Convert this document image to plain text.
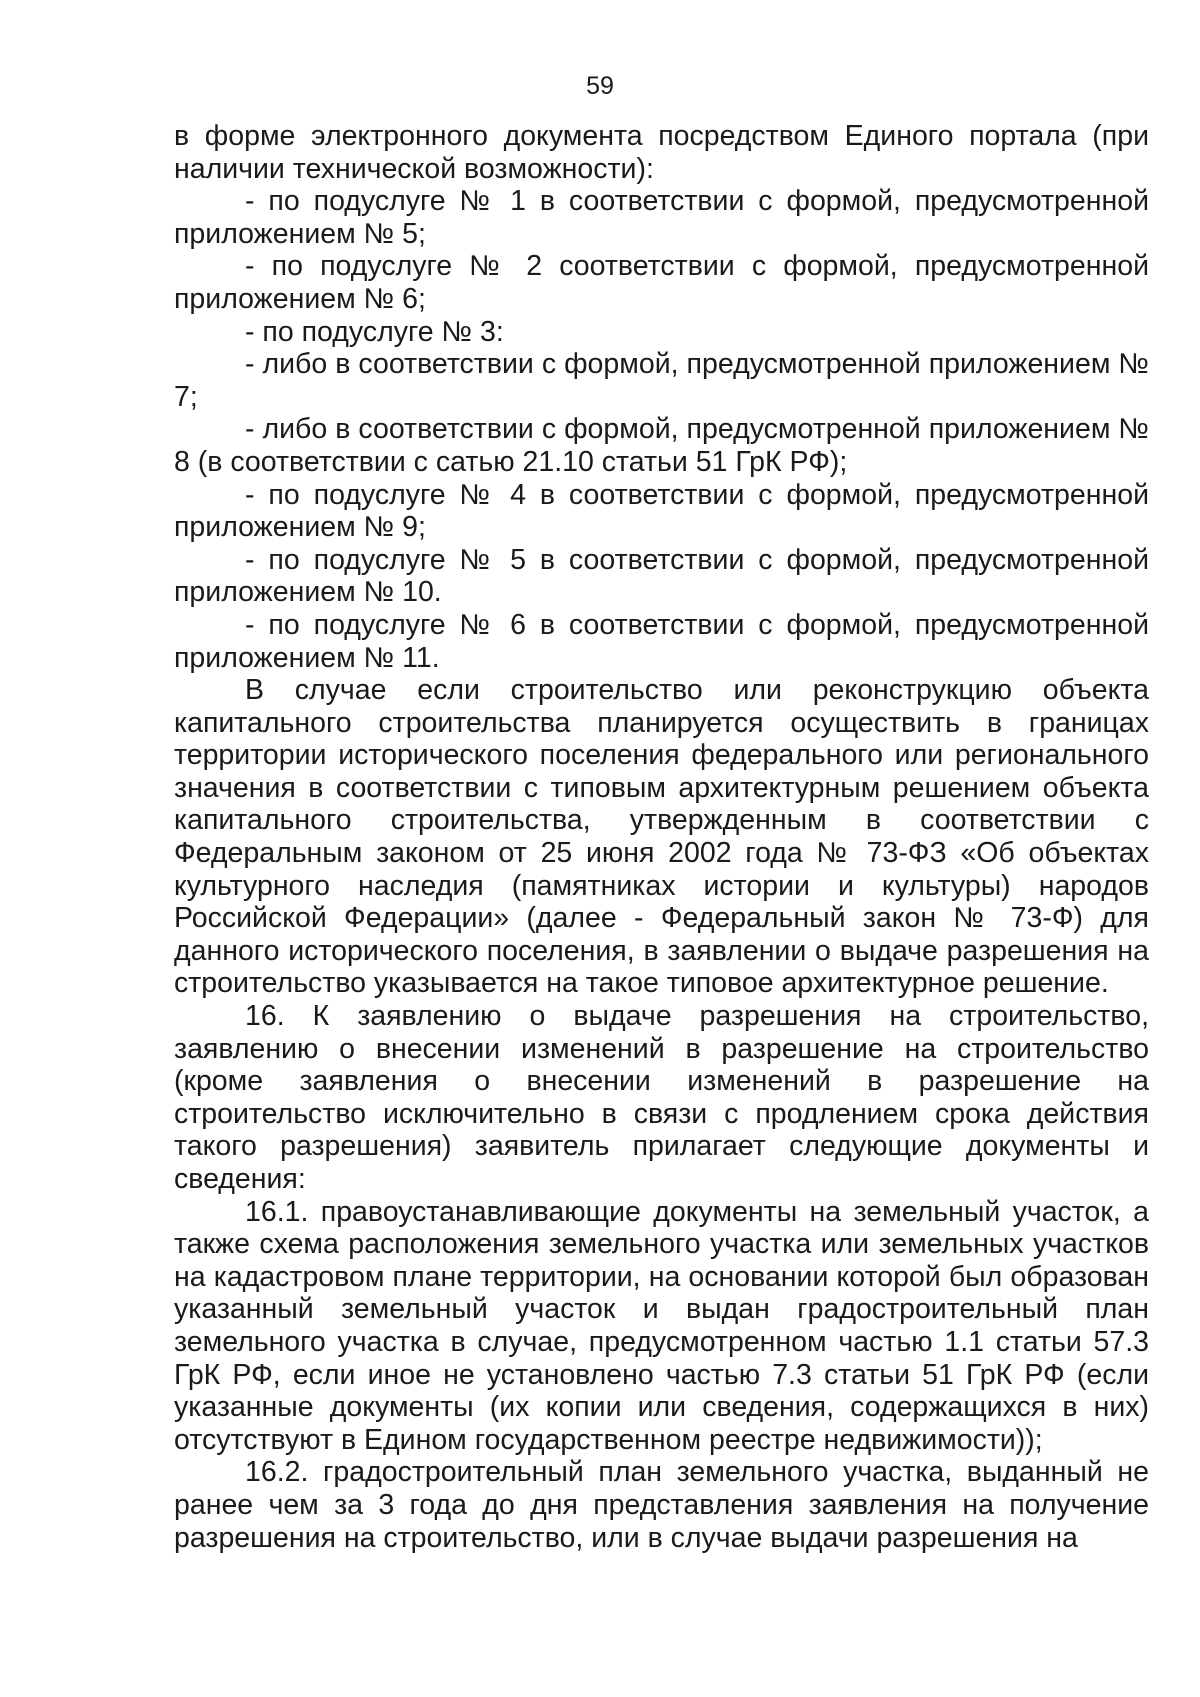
59

в форме электронного документа посредством Единого портала (при наличии технической возможности):

- по подуслуге № 1 в соответствии с формой, предусмотренной приложением № 5;

- по подуслуге № 2 соответствии с формой, предусмотренной приложением № 6;

- по подуслуге № 3:

- либо в соответствии с формой, предусмотренной приложением № 7;

- либо в соответствии с формой, предусмотренной приложением № 8 (в соответствии с сатью 21.10 статьи 51 ГрК РФ);

- по подуслуге № 4 в соответствии с формой, предусмотренной приложением № 9;

- по подуслуге № 5 в соответствии с формой, предусмотренной приложением № 10.

- по подуслуге № 6 в соответствии с формой, предусмотренной приложением № 11.

В случае если строительство или реконструкцию объекта капитального строительства планируется осуществить в границах территории исторического поселения федерального или регионального значения в соответствии с типовым архитектурным решением объекта капитального строительства, утвержденным в соответствии с Федеральным законом от 25 июня 2002 года № 73-ФЗ «Об объектах культурного наследия (памятниках истории и культуры) народов Российской Федерации» (далее - Федеральный закон № 73-Ф) для данного исторического поселения, в заявлении о выдаче разрешения на строительство указывается на такое типовое архитектурное решение.

16. К заявлению о выдаче разрешения на строительство, заявлению о внесении изменений в разрешение на строительство (кроме заявления о внесении изменений в разрешение на строительство исключительно в связи с продлением срока действия такого разрешения) заявитель прилагает следующие документы и сведения:

16.1. правоустанавливающие документы на земельный участок, а также схема расположения земельного участка или земельных участков на кадастровом плане территории, на основании которой был образован указанный земельный участок и выдан градостроительный план земельного участка в случае, предусмотренном частью 1.1 статьи 57.3 ГрК РФ, если иное не установлено частью 7.3 статьи 51 ГрК РФ (если указанные документы (их копии или сведения, содержащихся в них) отсутствуют в Едином государственном реестре недвижимости));

16.2. градостроительный план земельного участка, выданный не ранее чем за 3 года до дня представления заявления на получение разрешения на строительство, или в случае выдачи разрешения на
